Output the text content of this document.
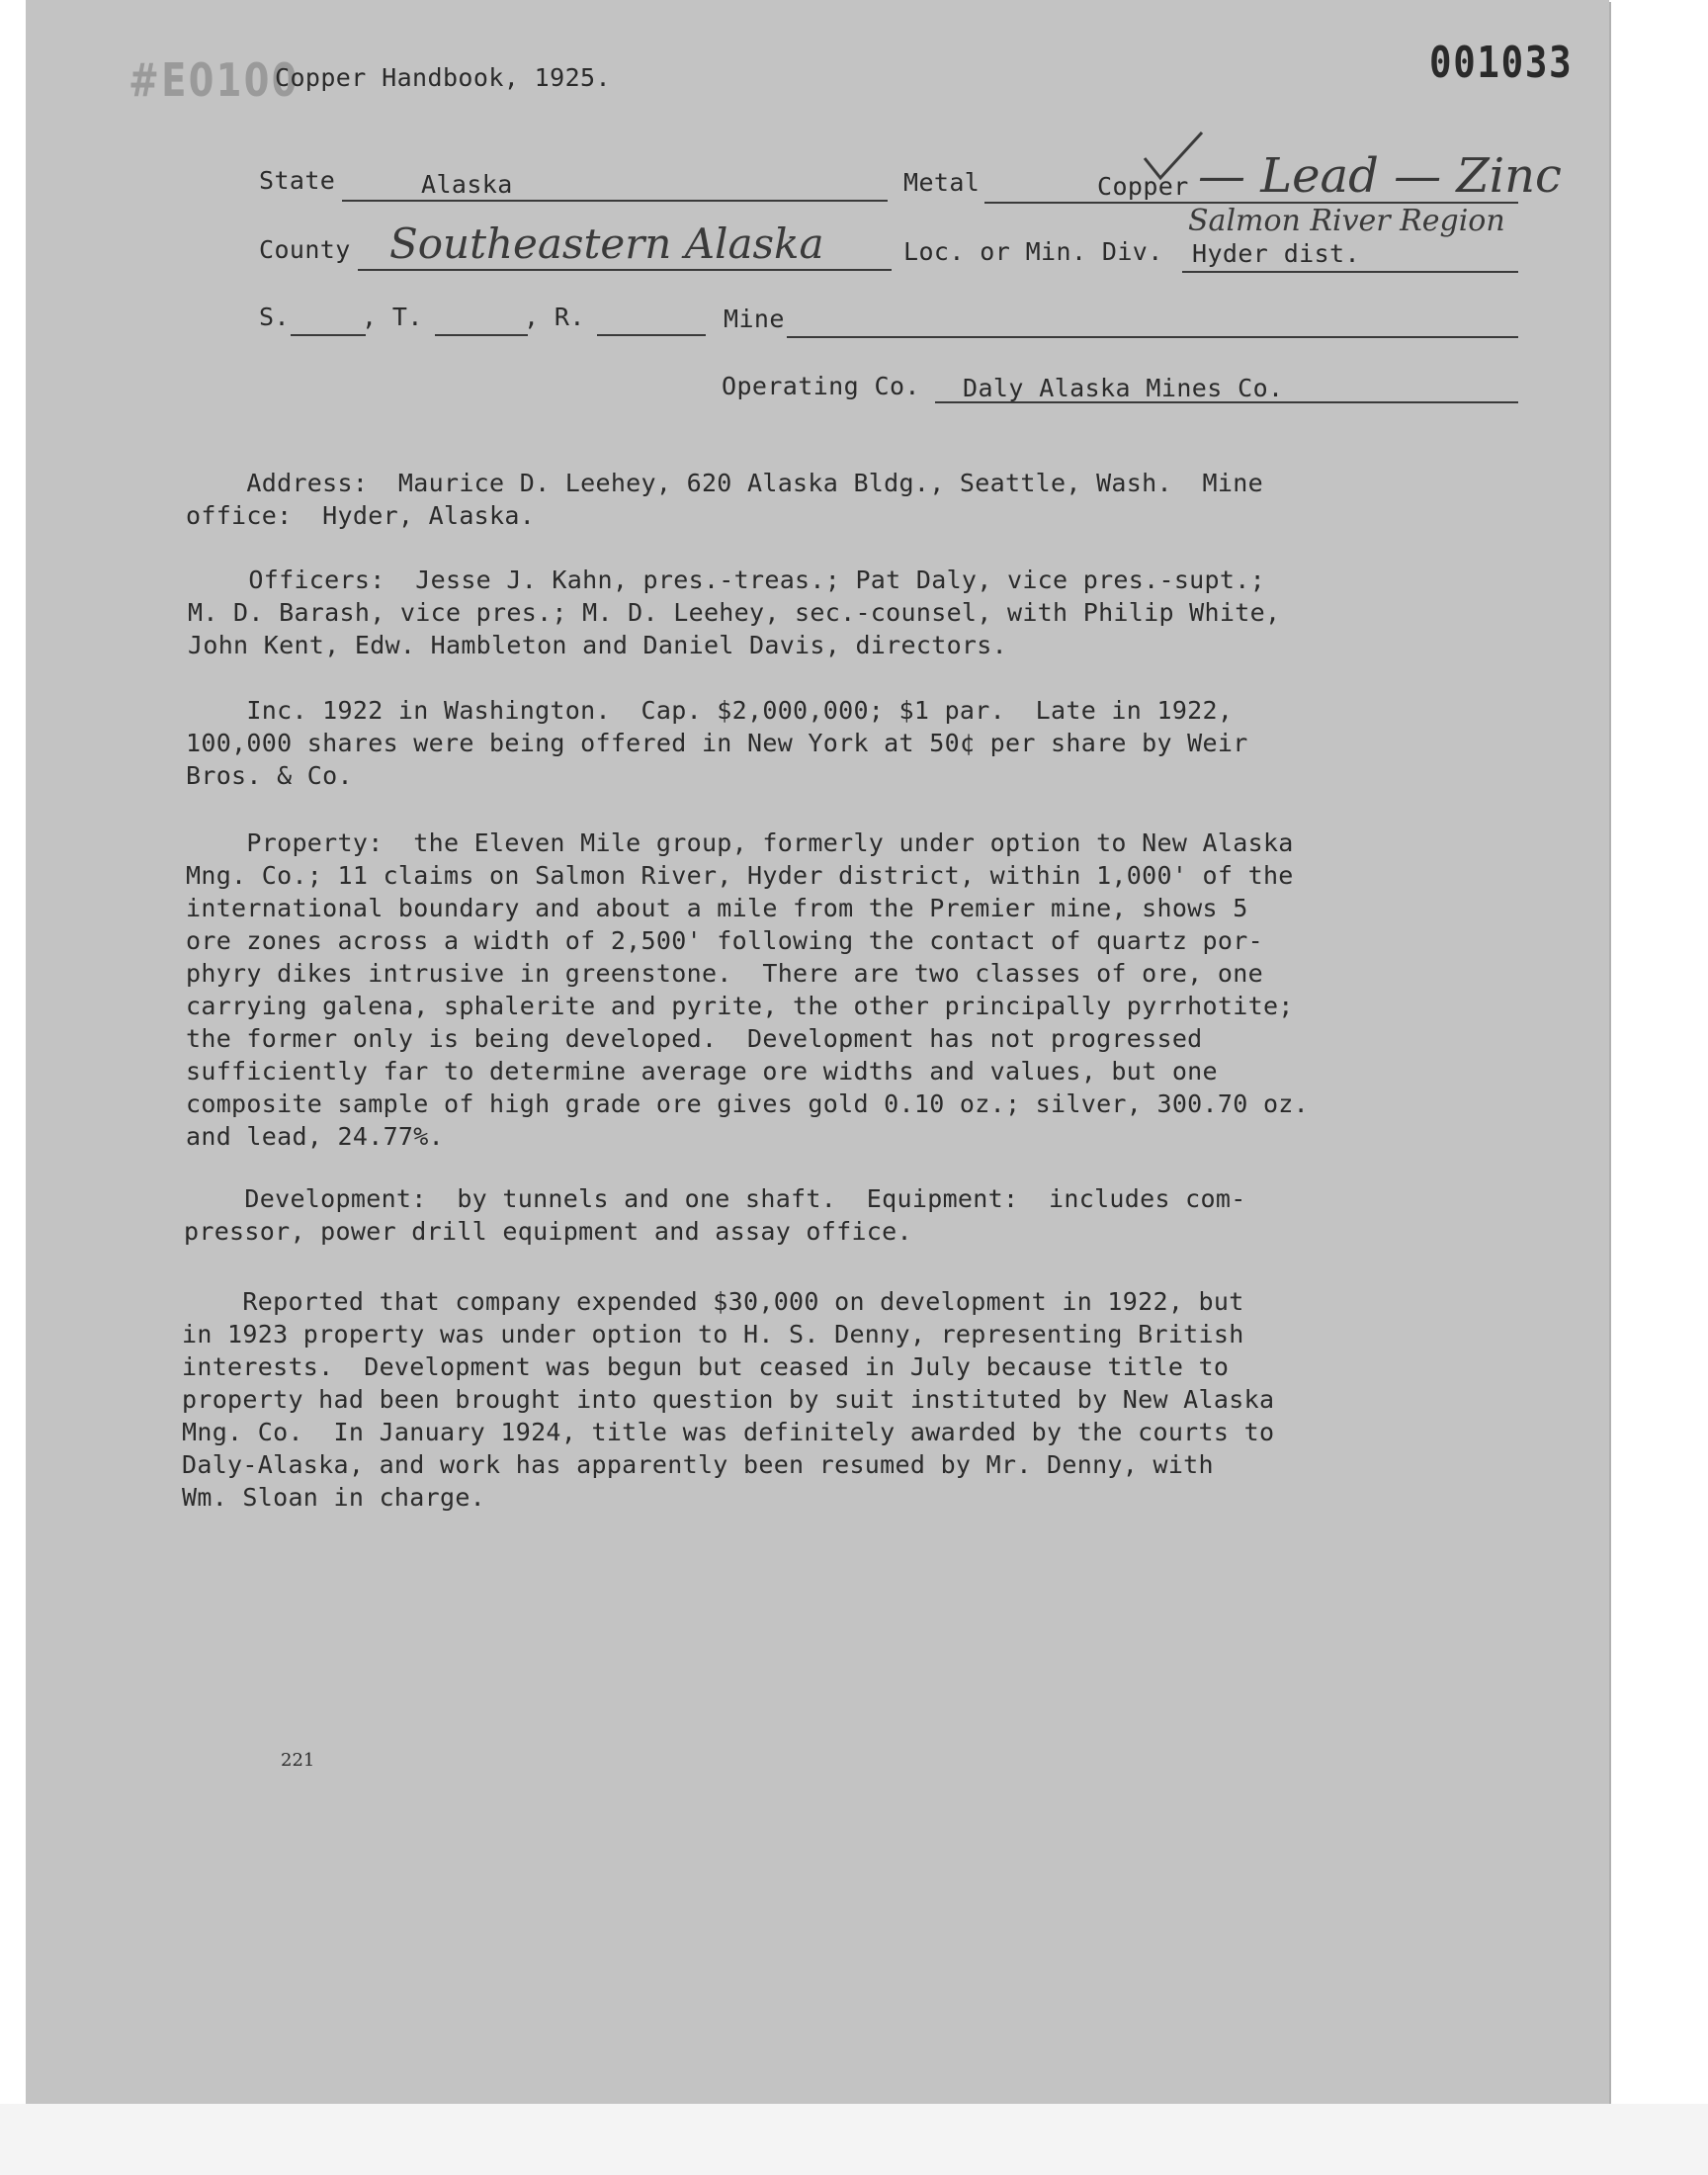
#E0100	001033
Copper Handbook, 1925.
State	Alaska	Metal	Copper — Lead — Zinc
Salmon River Region
County Southeastern Alaska	Loc. or Min. Div. Hyder dist.
S.	, T.	, R.	Mine
Operating Co. Daly Alaska Mines Co.
Address:  Maurice D. Leehey, 620 Alaska Bldg., Seattle, Wash.  Mine
office:  Hyder, Alaska.
Officers:  Jesse J. Kahn, pres.-treas.; Pat Daly, vice pres.-supt.;
M. D. Barash, vice pres.; M. D. Leehey, sec.-counsel, with Philip White,
John Kent, Edw. Hambleton and Daniel Davis, directors.
Inc. 1922 in Washington.  Cap. $2,000,000; $1 par.  Late in 1922,
100,000 shares were being offered in New York at 50¢ per share by Weir
Bros. & Co.
Property:  the Eleven Mile group, formerly under option to New Alaska
Mng. Co.; 11 claims on Salmon River, Hyder district, within 1,000' of the
international boundary and about a mile from the Premier mine, shows 5
ore zones across a width of 2,500' following the contact of quartz por-
phyry dikes intrusive in greenstone.  There are two classes of ore, one
carrying galena, sphalerite and pyrite, the other principally pyrrhotite;
the former only is being developed.  Development has not progressed
sufficiently far to determine average ore widths and values, but one
composite sample of high grade ore gives gold 0.10 oz.; silver, 300.70 oz.
and lead, 24.77%.
Development:  by tunnels and one shaft.  Equipment:  includes com-
pressor, power drill equipment and assay office.
Reported that company expended $30,000 on development in 1922, but
in 1923 property was under option to H. S. Denny, representing British
interests.  Development was begun but ceased in July because title to
property had been brought into question by suit instituted by New Alaska
Mng. Co.  In January 1924, title was definitely awarded by the courts to
Daly-Alaska, and work has apparently been resumed by Mr. Denny, with
Wm. Sloan in charge.
221
